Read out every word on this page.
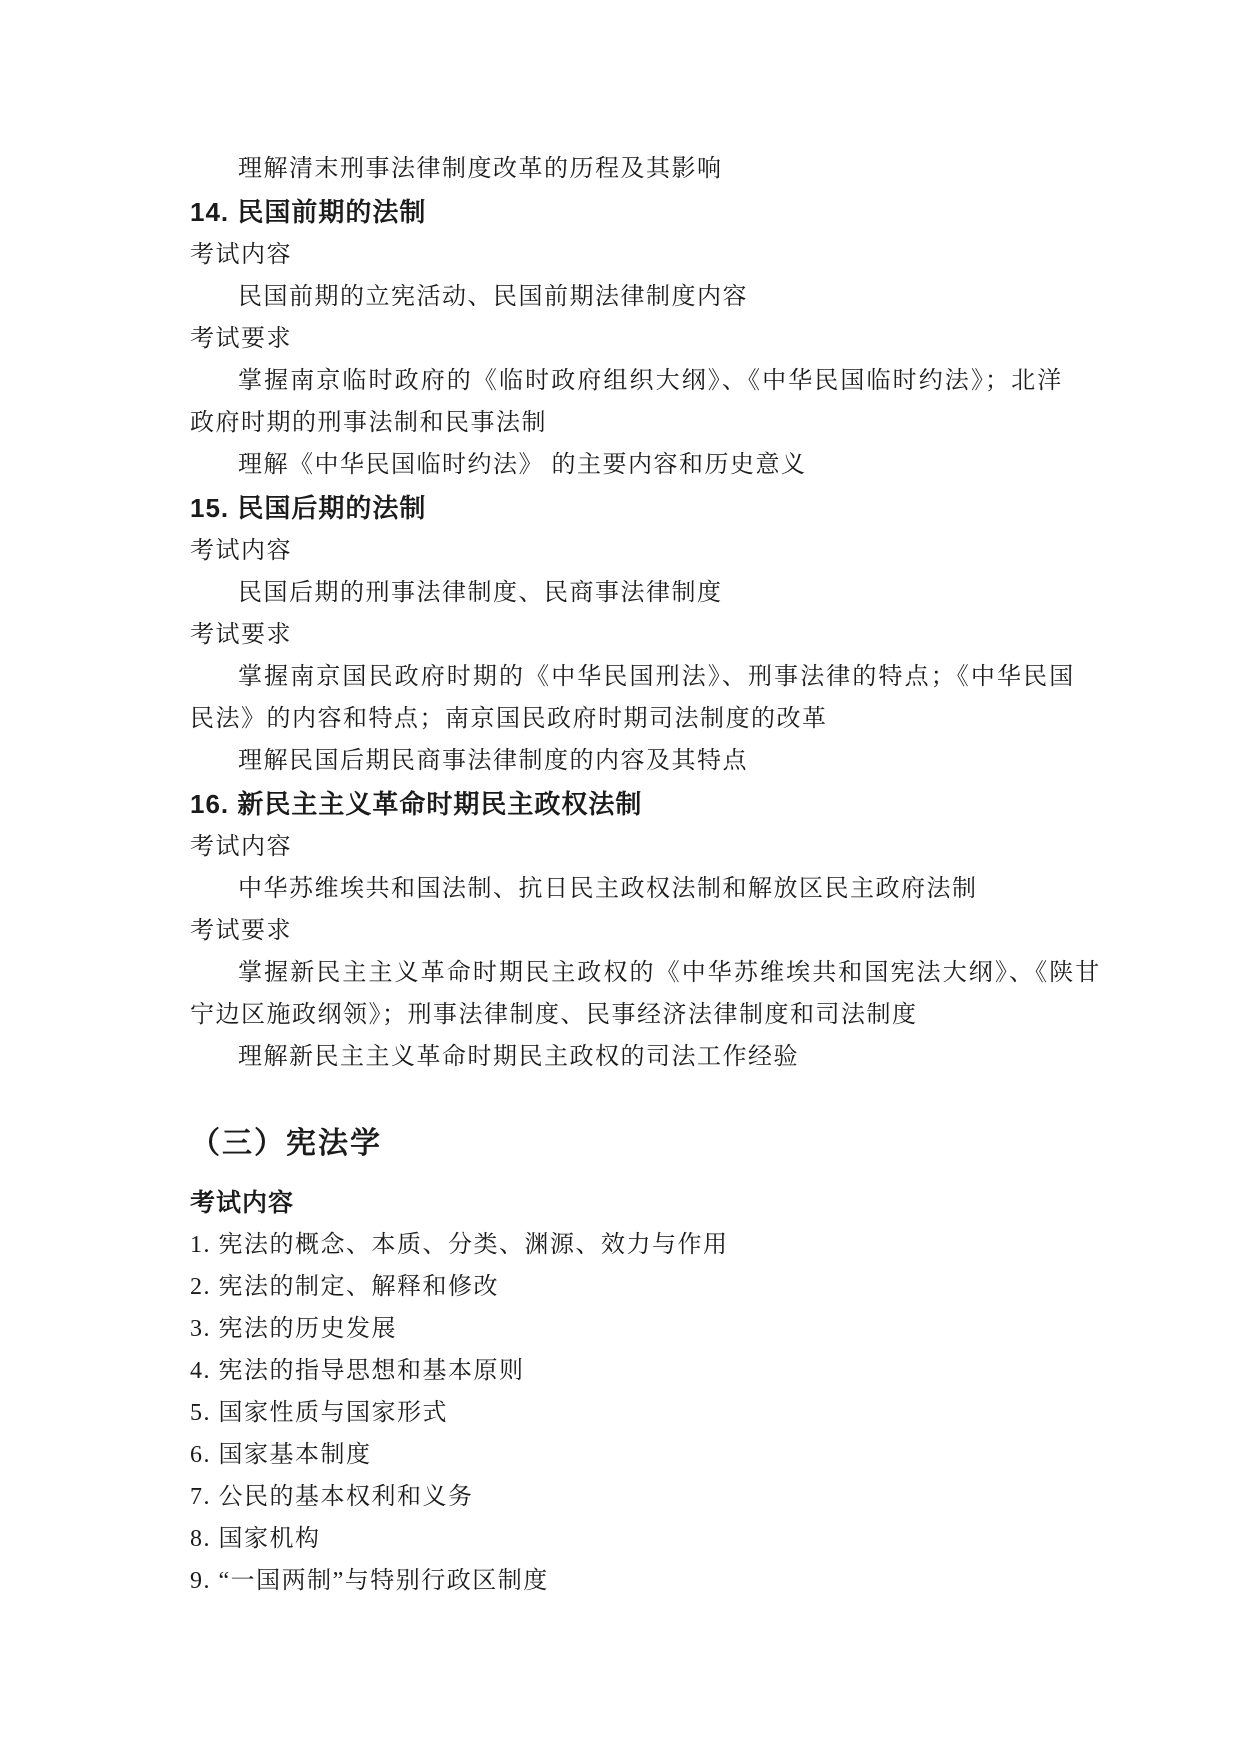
理解清末刑事法律制度改革的历程及其影响
14. 民国前期的法制
考试内容
民国前期的立宪活动、民国前期法律制度内容
考试要求
掌握南京临时政府的《临时政府组织大纲》、《中华民国临时约法》；北洋
政府时期的刑事法制和民事法制
理解《中华民国临时约法》 的主要内容和历史意义
15. 民国后期的法制
考试内容
民国后期的刑事法律制度、民商事法律制度
考试要求
掌握南京国民政府时期的《中华民国刑法》、刑事法律的特点；《中华民国
民法》的内容和特点；南京国民政府时期司法制度的改革
理解民国后期民商事法律制度的内容及其特点
16. 新民主主义革命时期民主政权法制
考试内容
中华苏维埃共和国法制、抗日民主政权法制和解放区民主政府法制
考试要求
掌握新民主主义革命时期民主政权的《中华苏维埃共和国宪法大纲》、《陕甘
宁边区施政纲领》；刑事法律制度、民事经济法律制度和司法制度
理解新民主主义革命时期民主政权的司法工作经验
（三）宪法学
考试内容
1. 宪法的概念、本质、分类、渊源、效力与作用
2. 宪法的制定、解释和修改
3. 宪法的历史发展
4. 宪法的指导思想和基本原则
5. 国家性质与国家形式
6. 国家基本制度
7. 公民的基本权利和义务
8. 国家机构
9. “一国两制”与特别行政区制度
